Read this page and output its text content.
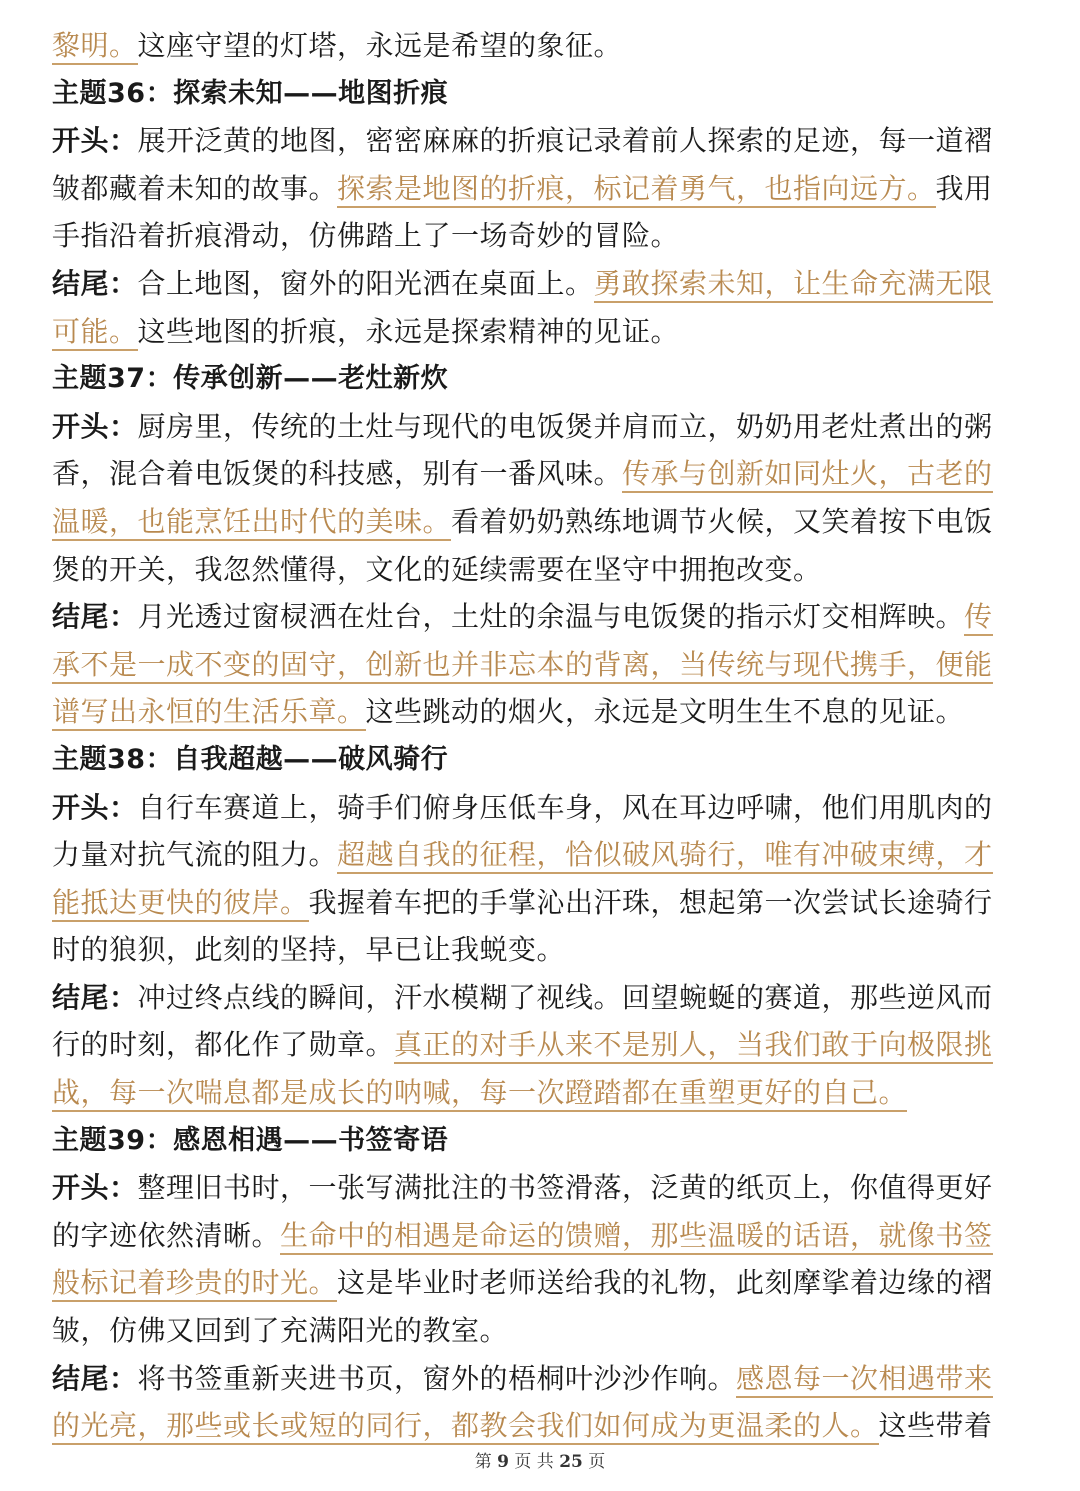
黎明。这座守望的灯塔，永远是希望的象征。
主题36：探索未知——地图折痕
开头：展开泛黄的地图，密密麻麻的折痕记录着前人探索的足迹，每一道褶
皱都藏着未知的故事。探索是地图的折痕，标记着勇气，也指向远方。我用
手指沿着折痕滑动，仿佛踏上了一场奇妙的冒险。
结尾：合上地图，窗外的阳光洒在桌面上。勇敢探索未知，让生命充满无限
可能。这些地图的折痕，永远是探索精神的见证。
主题37：传承创新——老灶新炊
开头：厨房里，传统的土灶与现代的电饭煲并肩而立，奶奶用老灶煮出的粥
香，混合着电饭煲的科技感，别有一番风味。传承与创新如同灶火，古老的
温暖，也能烹饪出时代的美味。看着奶奶熟练地调节火候，又笑着按下电饭
煲的开关，我忽然懂得，文化的延续需要在坚守中拥抱改变。
结尾：月光透过窗棂洒在灶台，土灶的余温与电饭煲的指示灯交相辉映。传
承不是一成不变的固守，创新也并非忘本的背离，当传统与现代携手，便能
谱写出永恒的生活乐章。这些跳动的烟火，永远是文明生生不息的见证。
主题38：自我超越——破风骑行
开头：自行车赛道上，骑手们俯身压低车身，风在耳边呼啸，他们用肌肉的
力量对抗气流的阻力。超越自我的征程，恰似破风骑行，唯有冲破束缚，才
能抵达更快的彼岸。我握着车把的手掌沁出汗珠，想起第一次尝试长途骑行
时的狼狈，此刻的坚持，早已让我蜕变。
结尾：冲过终点线的瞬间，汗水模糊了视线。回望蜿蜒的赛道，那些逆风而
行的时刻，都化作了勋章。真正的对手从来不是别人，当我们敢于向极限挑
战，每一次喘息都是成长的呐喊，每一次蹬踏都在重塑更好的自己。
主题39：感恩相遇——书签寄语
开头：整理旧书时，一张写满批注的书签滑落，泛黄的纸页上，你值得更好
的字迹依然清晰。生命中的相遇是命运的馈赠，那些温暖的话语，就像书签
般标记着珍贵的时光。这是毕业时老师送给我的礼物，此刻摩挲着边缘的褶
皱，仿佛又回到了充满阳光的教室。
结尾：将书签重新夹进书页，窗外的梧桐叶沙沙作响。感恩每一次相遇带来
的光亮，那些或长或短的同行，都教会我们如何成为更温柔的人。这些带着
第 9 页 共 25 页
